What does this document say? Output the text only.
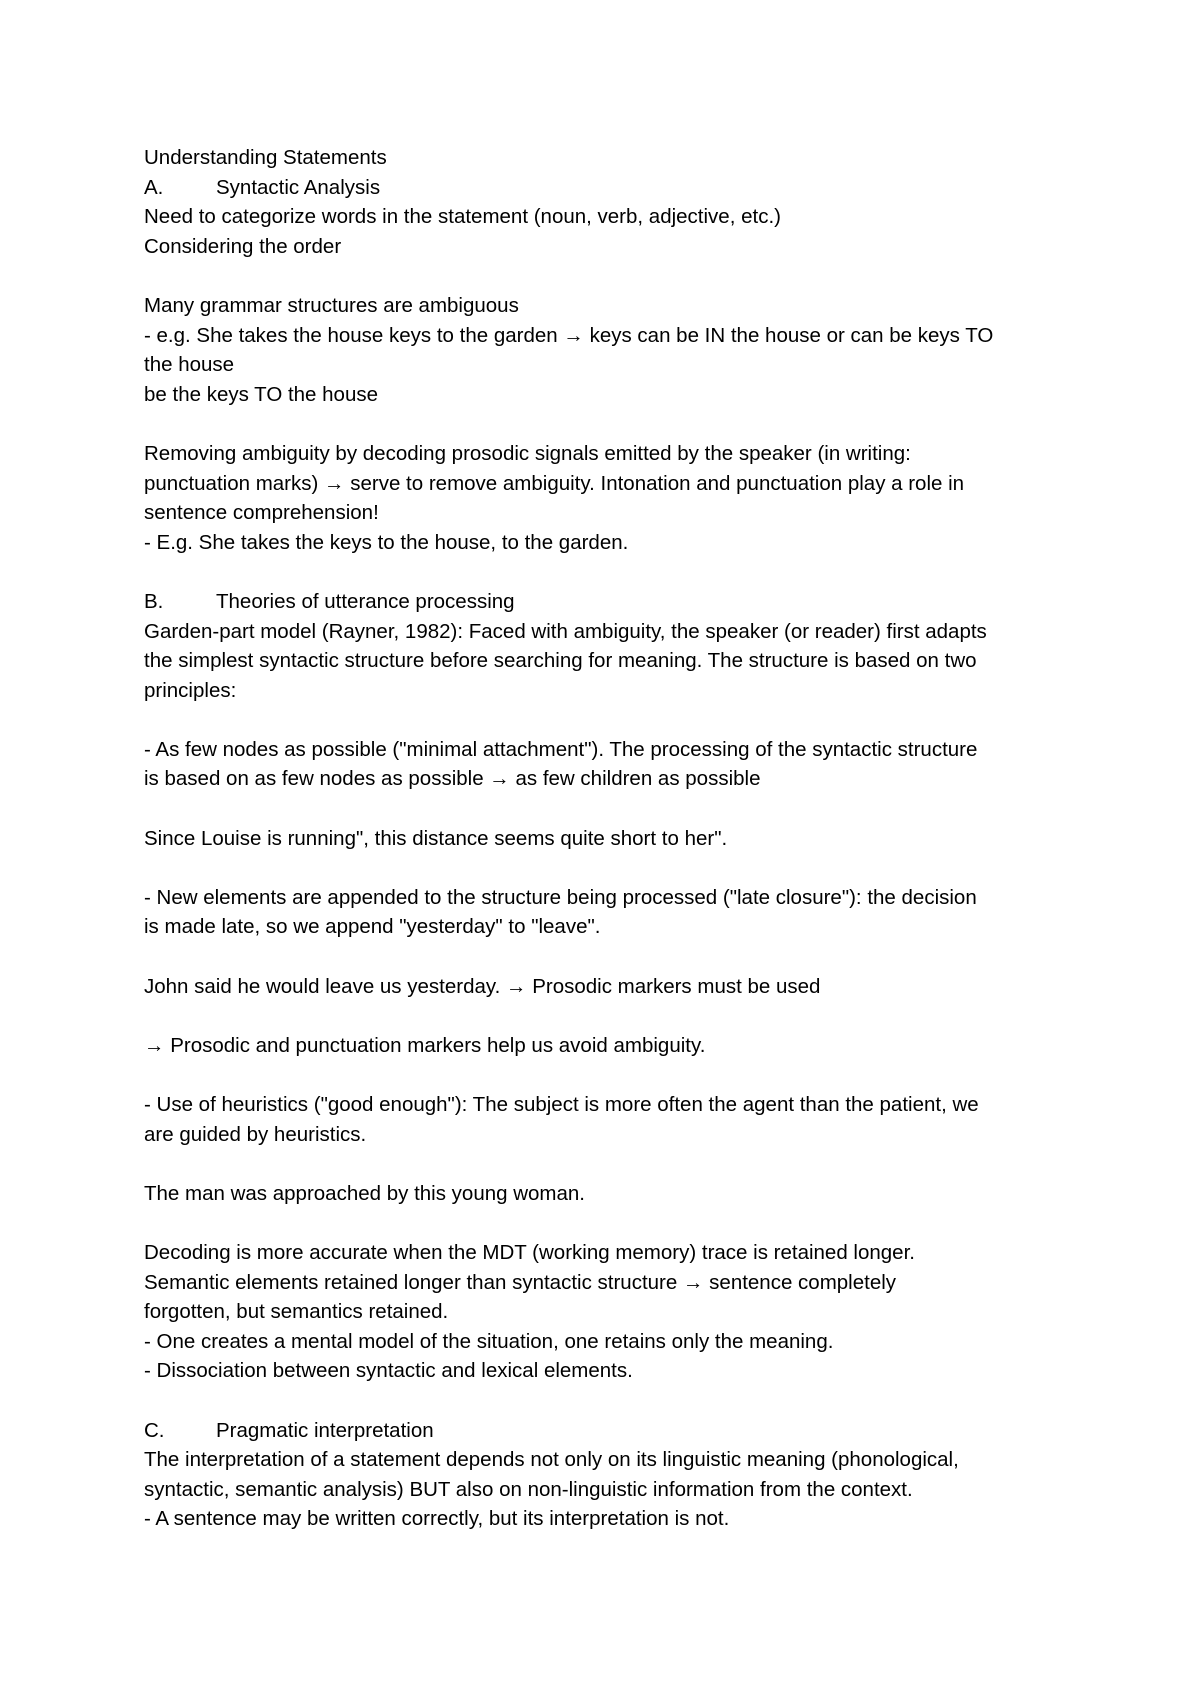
Understanding Statements
A.	Syntactic Analysis
Need to categorize words in the statement (noun, verb, adjective, etc.)
Considering the order
Many grammar structures are ambiguous
- e.g. She takes the house keys to the garden → keys can be IN the house or can be keys TO
the house
be the keys TO the house
Removing ambiguity by decoding prosodic signals emitted by the speaker (in writing:
punctuation marks) → serve to remove ambiguity. Intonation and punctuation play a role in
sentence comprehension!
- E.g. She takes the keys to the house, to the garden.
B.	Theories of utterance processing
Garden-part model (Rayner, 1982): Faced with ambiguity, the speaker (or reader) first adapts
the simplest syntactic structure before searching for meaning. The structure is based on two
principles:
- As few nodes as possible ("minimal attachment"). The processing of the syntactic structure
is based on as few nodes as possible → as few children as possible
Since Louise is running", this distance seems quite short to her".
- New elements are appended to the structure being processed ("late closure"): the decision
is made late, so we append "yesterday" to "leave".
John said he would leave us yesterday. → Prosodic markers must be used
→ Prosodic and punctuation markers help us avoid ambiguity.
- Use of heuristics ("good enough"): The subject is more often the agent than the patient, we
are guided by heuristics.
The man was approached by this young woman.
Decoding is more accurate when the MDT (working memory) trace is retained longer.
Semantic elements retained longer than syntactic structure → sentence completely
forgotten, but semantics retained.
- One creates a mental model of the situation, one retains only the meaning.
- Dissociation between syntactic and lexical elements.
C.	Pragmatic interpretation
The interpretation of a statement depends not only on its linguistic meaning (phonological,
syntactic, semantic analysis) BUT also on non-linguistic information from the context.
- A sentence may be written correctly, but its interpretation is not.
